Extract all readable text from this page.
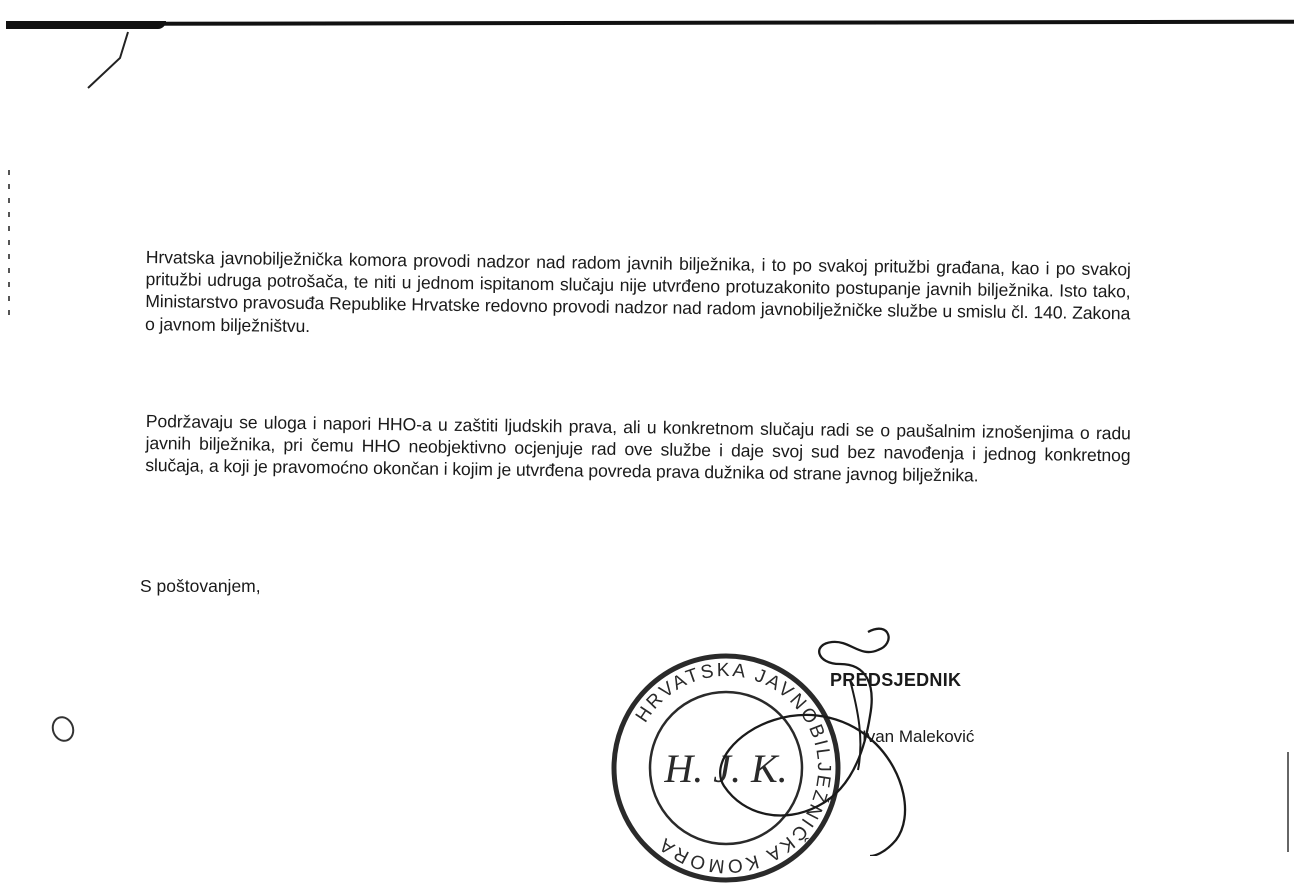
Hrvatska javnobilježnička komora provodi nadzor nad radom javnih bilježnika, i to po svakoj pritužbi građana, kao i po svakoj pritužbi udruga potrošača, te niti u jednom ispitanom slučaju nije utvrđeno protuzakonito postupanje javnih bilježnika. Isto tako, Ministarstvo pravosuđa Republike Hrvatske redovno provodi nadzor nad radom javnobilježničke službe u smislu čl. 140. Zakona o javnom bilježništvu.

Podržavaju se uloga i napori HHO-a u zaštiti ljudskih prava, ali u konkretnom slučaju radi se o paušalnim iznošenjima o radu javnih bilježnika, pri čemu HHO neobjektivno ocjenjuje rad ove službe i daje svoj sud bez navođenja i jednog konkretnog slučaja, a koji je pravomoćno okončan i kojim je utvrđena povreda prava dužnika od strane javnog bilježnika.

S poštovanjem,
HRVATSKA JAVNOBILJEŽNIČKA KOMORA
H. J. K.
PREDSJEDNIK
Ivan Maleković
